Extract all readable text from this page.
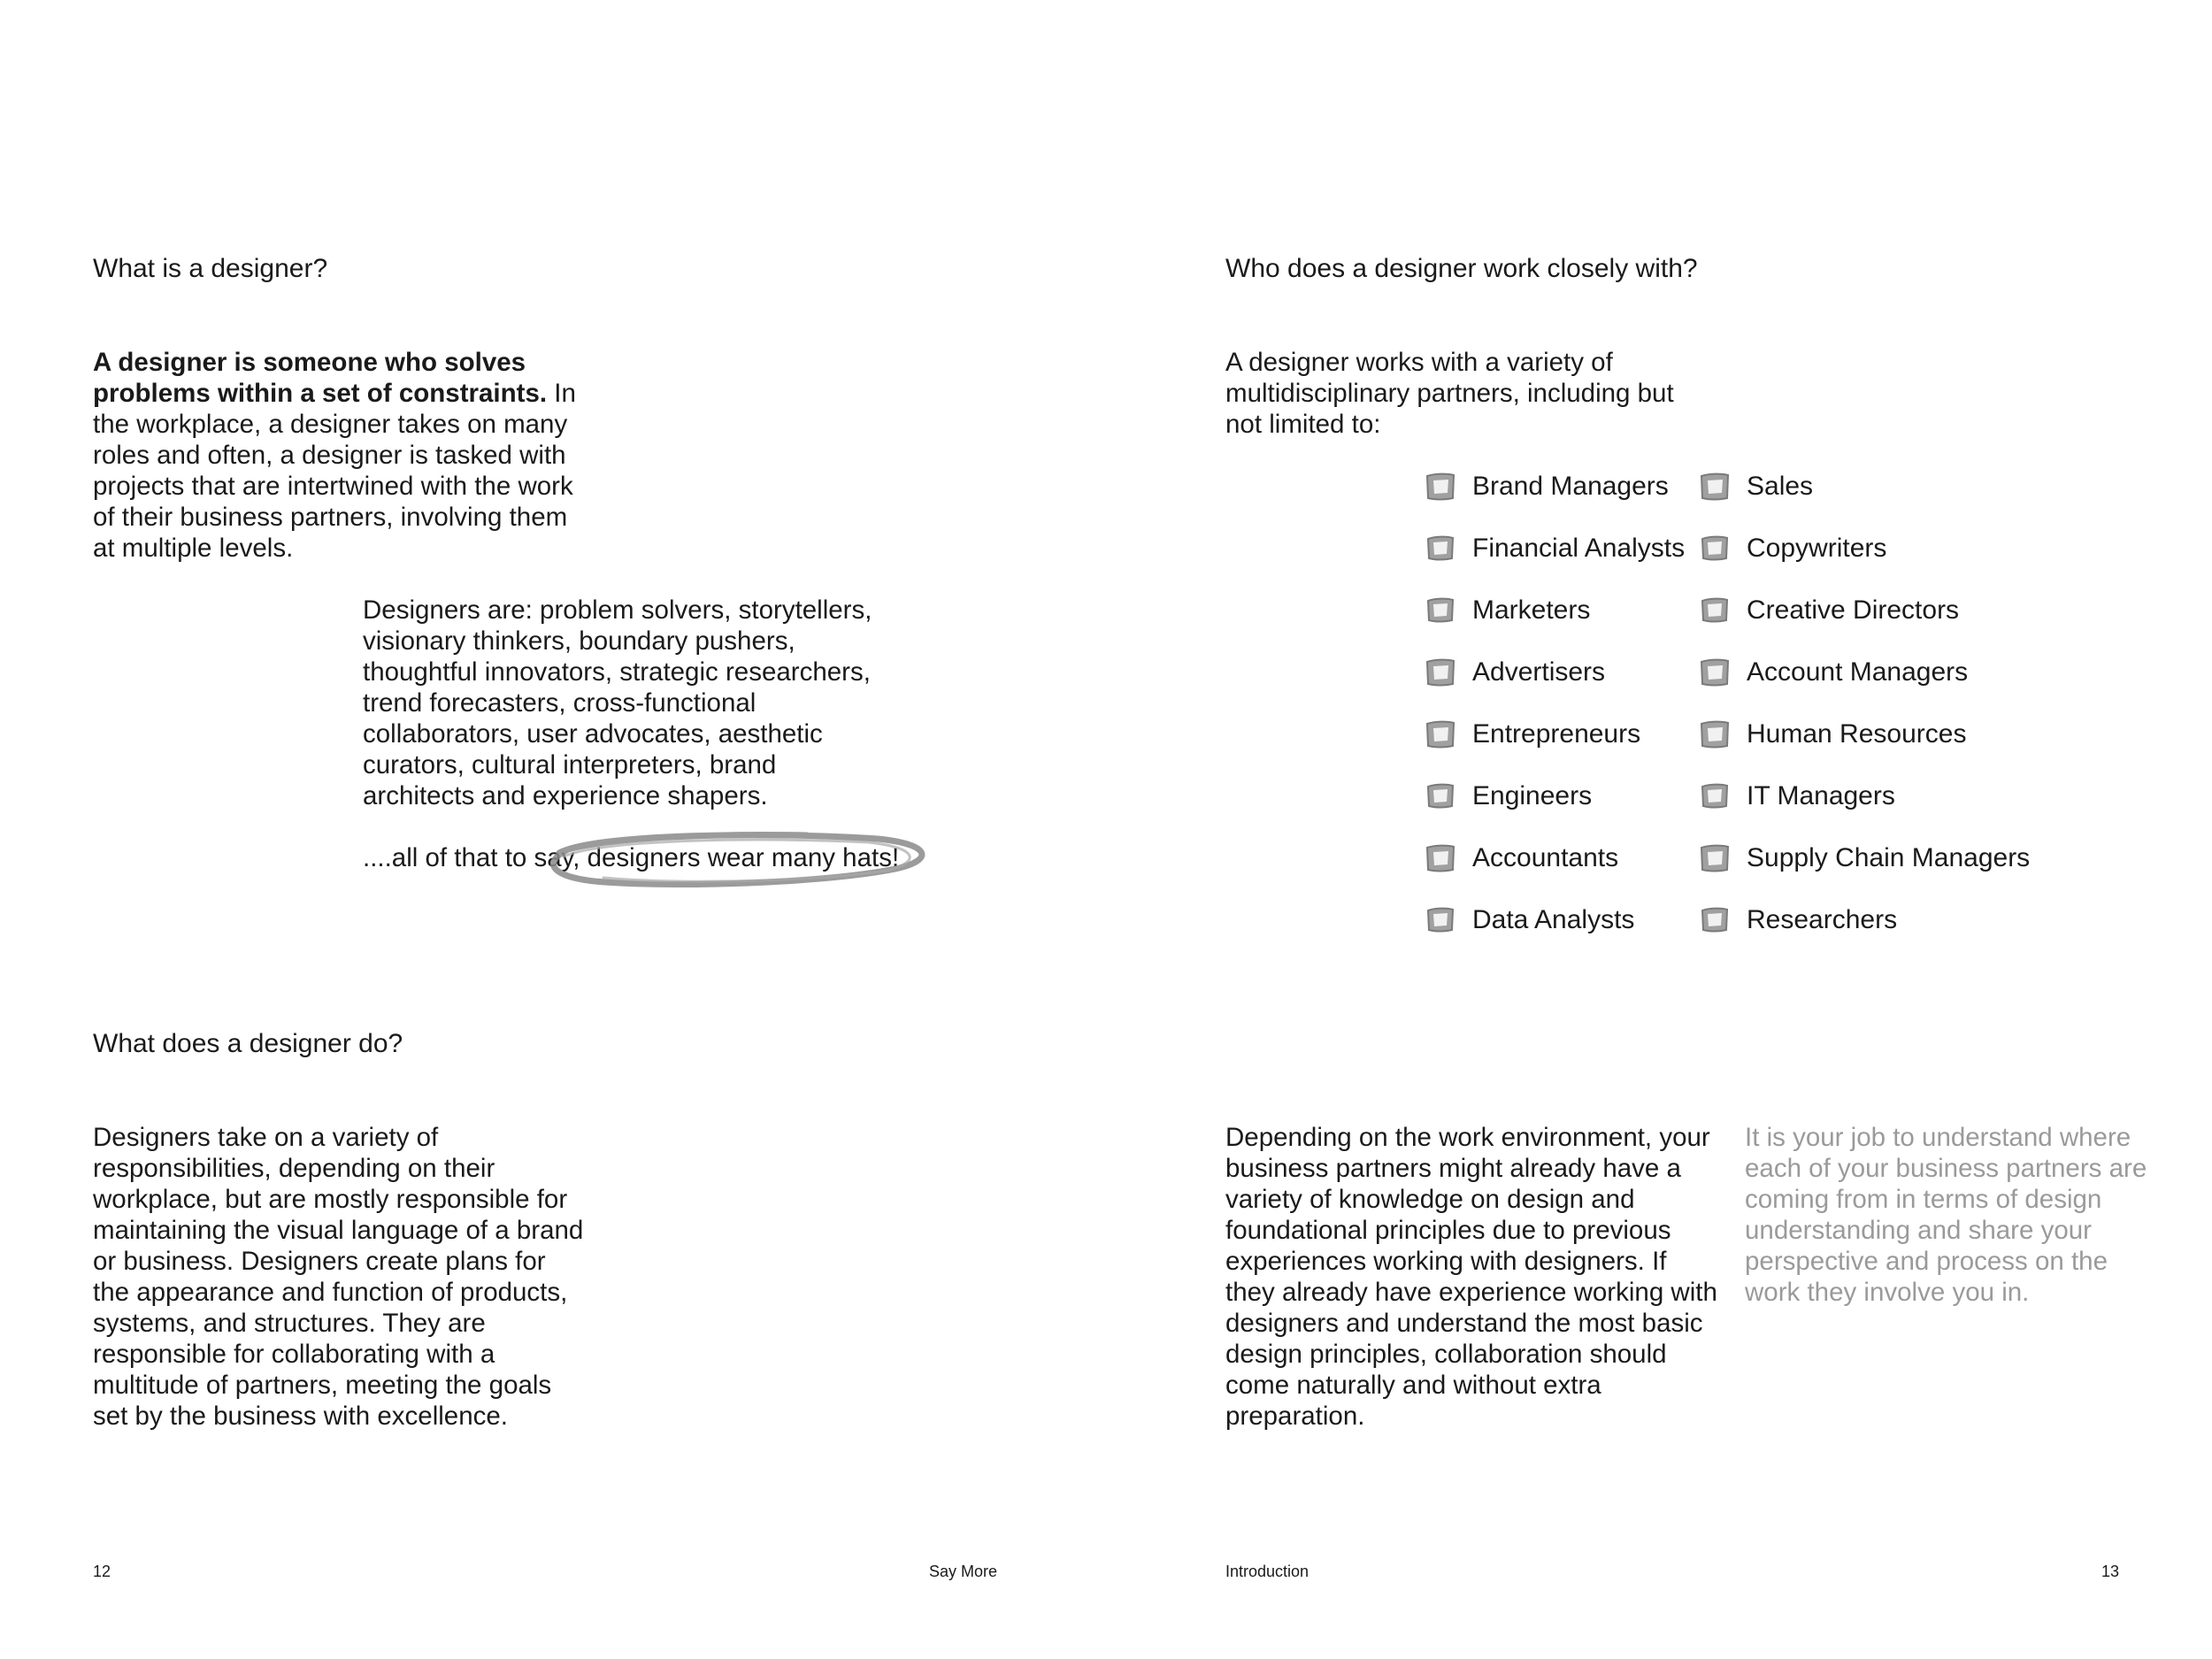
What is a designer?

A designer is someone who solves problems within a set of constraints. In the workplace, a designer takes on many roles and often, a designer is tasked with projects that are intertwined with the work of their business partners, involving them at multiple levels.

Designers are: problem solvers, storytellers, visionary thinkers, boundary pushers, thoughtful innovators, strategic researchers, trend forecasters, cross-functional collaborators, user advocates, aesthetic curators, cultural interpreters, brand architects and experience shapers.

....all of that to say, designers wear many hats!

What does a designer do?

Designers take on a variety of responsibilities, depending on their workplace, but are mostly responsible for maintaining the visual language of a brand or business. Designers create plans for the appearance and function of products, systems, and structures. They are responsible for collaborating with a multitude of partners, meeting the goals set by the business with excellence.

12	Say More
Who does a designer work closely with?

A designer works with a variety of multidisciplinary partners, including but not limited to:

Brand Managers
Financial Analysts
Marketers
Advertisers
Entrepreneurs
Engineers
Accountants
Data Analysts
Sales
Copywriters
Creative Directors
Account Managers
Human Resources
IT Managers
Supply Chain Managers
Researchers

Depending on the work environment, your business partners might already have a variety of knowledge on design and foundational principles due to previous experiences working with designers. If they already have experience working with designers and understand the most basic design principles, collaboration should come naturally and without extra preparation.

It is your job to understand where each of your business partners are coming from in terms of design understanding and share your perspective and process on the work they involve you in.

Introduction	13
